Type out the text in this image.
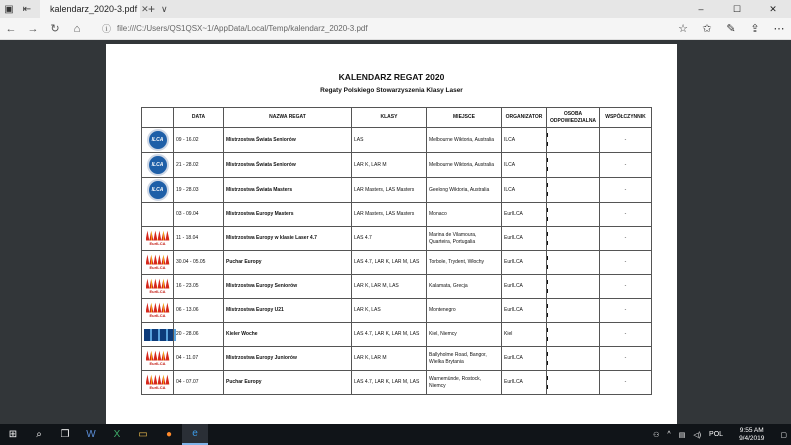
▣ ⇤	kalendarz_2020-3.pdf ✕ + ∨	–	☐	✕
←	→	↻	⌂	ⓘ file:///C:/Users/QS1QSX~1/AppData/Local/Temp/kalendarz_2020-3.pdf	☆	✩	✎	⇪	⋯
KALENDARZ REGAT 2020
Regaty Polskiego Stowarzyszenia Klasy Laser
	DATA	NAZWA REGAT	KLASY	MIEJSCE	ORGANIZATOR	OSOBA ODPOWIEDZIALNA	WSPÓŁCZYNNIK

ILCA	09 - 16.02	Mistrzostwa Świata Seniorów	LAS	Melbourne Wiktoria, Australia	ILCA		-

ILCA	21 - 28.02	Mistrzostwa Świata Seniorów	LAR K, LAR M	Melbourne Wiktoria, Australia	ILCA		-

ILCA	19 - 28.03	Mistrzostwa Świata Masters	LAR Masters, LAS Masters	Geelong Wiktoria, Australia	ILCA		-
	03 - 09.04	Mistrzostwa Europy Masters	LAR Masters, LAS Masters	Monaco	EurILCA		-

EurILCA	11 - 18.04	Mistrzostwa Europy w klasie Laser 4.7	LAS 4.7	Marina de Vilamoura, Quarteira, Portugalia	EurILCA		-

EurILCA	30.04 - 05.05	Puchar Europy	LAS 4.7, LAR K, LAR M, LAS	Torbole, Trydent, Włochy	EurILCA		-

EurILCA	16 - 23.05	Mistrzostwa Europy Seniorów	LAR K, LAR M, LAS	Kalamata, Grecja	EurILCA		-

EurILCA	06 - 13.06	Mistrzostwa Europy U21	LAR K, LAS	Montenegro	EurILCA		-

	20 - 28.06	Kieler Woche	LAS 4.7, LAR K, LAR M, LAS	Kiel, Niemcy	Kiel		-

EurILCA	04 - 11.07	Mistrzostwa Europy Juniorów	LAR K, LAR M	Ballyholme Road, Bangor, Wielka Brytania	EurILCA		-

EurILCA	04 - 07.07	Puchar Europy	LAS 4.7, LAR K, LAR M, LAS	Warnemünde, Rostock, Niemcy	EurILCA		-
⊞	⌕	❐	W	X	▭	●	e	⚇ ^ ▤ ◁) POL
9:55 AM
9/4/2019 ▢
